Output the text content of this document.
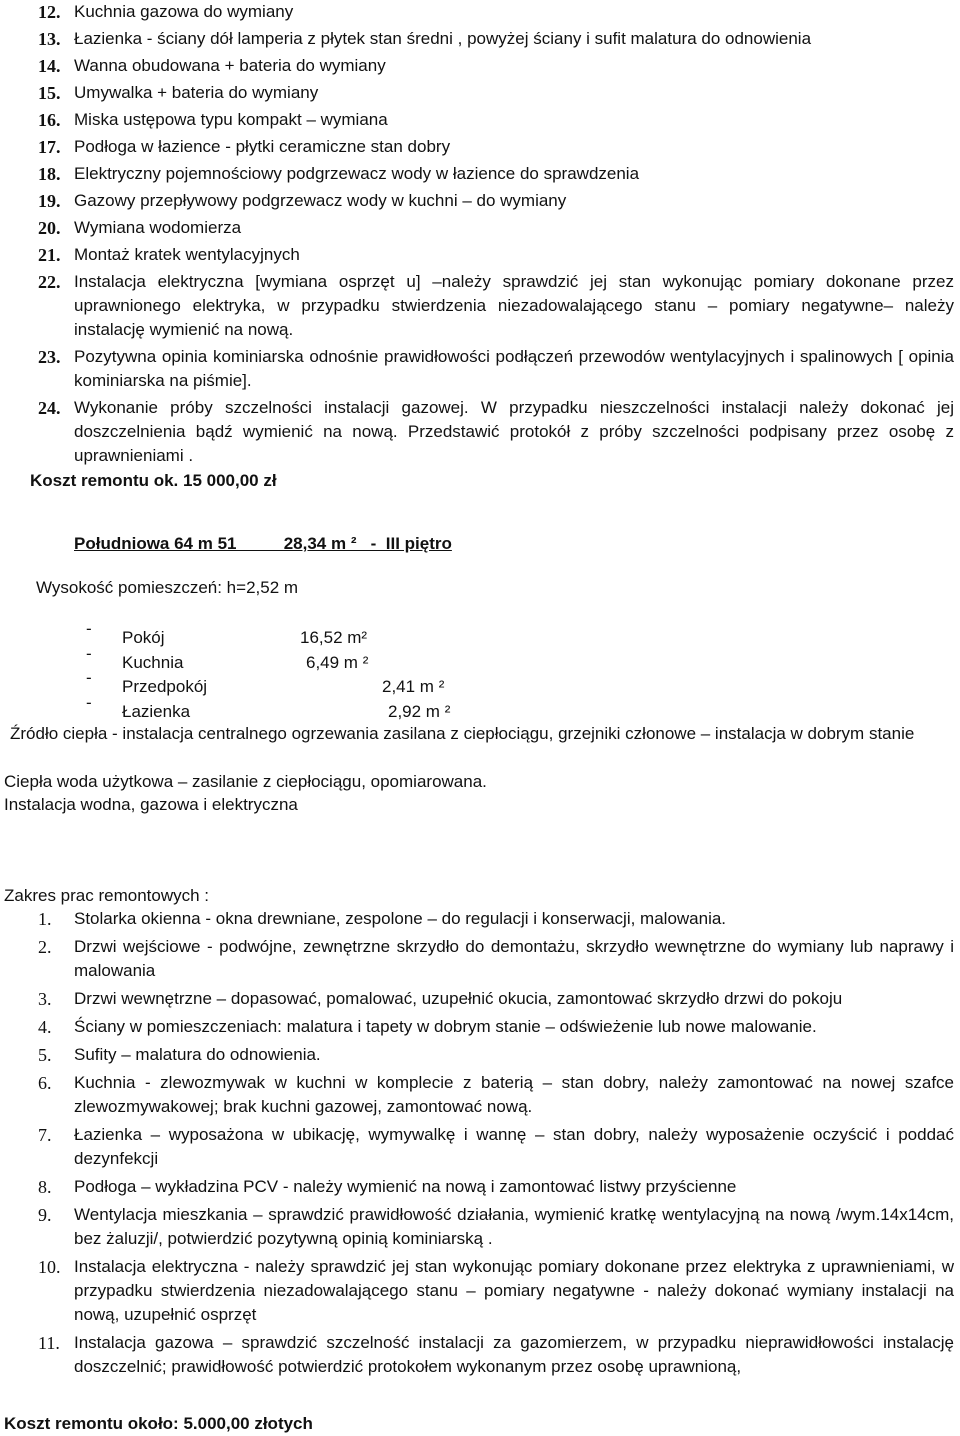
12. Kuchnia gazowa do wymiany
13. Łazienka - ściany dół lamperia z płytek stan średni , powyżej ściany i sufit malatura do odnowienia
14. Wanna obudowana + bateria do wymiany
15. Umywalka + bateria do wymiany
16. Miska ustępowa typu kompakt – wymiana
17. Podłoga w łazience - płytki ceramiczne stan dobry
18. Elektryczny pojemnościowy podgrzewacz wody w łazience do sprawdzenia
19. Gazowy przepływowy podgrzewacz wody w kuchni – do wymiany
20. Wymiana wodomierza
21. Montaż kratek wentylacyjnych
22. Instalacja elektryczna [wymiana osprzęt u] –należy sprawdzić jej stan wykonując pomiary dokonane przez uprawnionego elektryka, w przypadku stwierdzenia niezadowalającego stanu – pomiary negatywne– należy instalację wymienić na nową.
23. Pozytywna opinia kominiarska odnośnie prawidłowości podłączeń przewodów wentylacyjnych i spalinowych [ opinia kominiarska na piśmie].
24. Wykonanie próby szczelności instalacji gazowej. W przypadku nieszczelności instalacji należy dokonać jej doszczelnienia bądź wymienić na nową. Przedstawić protokół z próby szczelności podpisany przez osobę z uprawnieniami .

Koszt remontu ok. 15 000,00 zł

Południowa 64 m 51          28,34 m ²   -  III piętro
Wysokość pomieszczeń: h=2,52 m
- Pokój	16,52 m²
- Kuchnia	6,49 m ²
- Przedpokój	2,41 m ²
- Łazienka	2,92 m ²
Źródło ciepła - instalacja centralnego ogrzewania zasilana z ciepłociągu, grzejniki członowe – instalacja w dobrym stanie
Ciepła woda użytkowa – zasilanie z ciepłociągu, opomiarowana.
Instalacja wodna, gazowa i elektryczna
Zakres prac remontowych :
1. Stolarka okienna - okna drewniane, zespolone – do regulacji i konserwacji, malowania.
2. Drzwi wejściowe - podwójne, zewnętrzne skrzydło do demontażu, skrzydło wewnętrzne do wymiany lub naprawy i malowania
3. Drzwi wewnętrzne – dopasować, pomalować, uzupełnić okucia, zamontować skrzydło drzwi do pokoju
4. Ściany w pomieszczeniach: malatura i tapety w dobrym stanie – odświeżenie lub nowe malowanie.
5. Sufity – malatura do odnowienia.
6. Kuchnia - zlewozmywak w kuchni w komplecie z baterią – stan dobry, należy zamontować na nowej szafce zlewozmywakowej; brak kuchni gazowej, zamontować nową.
7. Łazienka – wyposażona w ubikację, wymywalkę i wannę – stan dobry, należy wyposażenie oczyścić i poddać dezynfekcji
8. Podłoga – wykładzina PCV - należy wymienić na nową i zamontować listwy przyścienne
9. Wentylacja mieszkania – sprawdzić prawidłowość działania, wymienić kratkę wentylacyjną na nową /wym.14x14cm, bez żaluzji/, potwierdzić pozytywną opinią kominiarską .
10. Instalacja elektryczna - należy sprawdzić jej stan wykonując pomiary dokonane przez elektryka z uprawnieniami, w przypadku stwierdzenia niezadowalającego stanu – pomiary negatywne - należy dokonać wymiany instalacji na nową, uzupełnić osprzęt
11. Instalacja gazowa – sprawdzić szczelność instalacji za gazomierzem, w przypadku nieprawidłowości instalację doszczelnić; prawidłowość potwierdzić protokołem wykonanym przez osobę uprawnioną,
Koszt remontu około: 5.000,00 złotych
